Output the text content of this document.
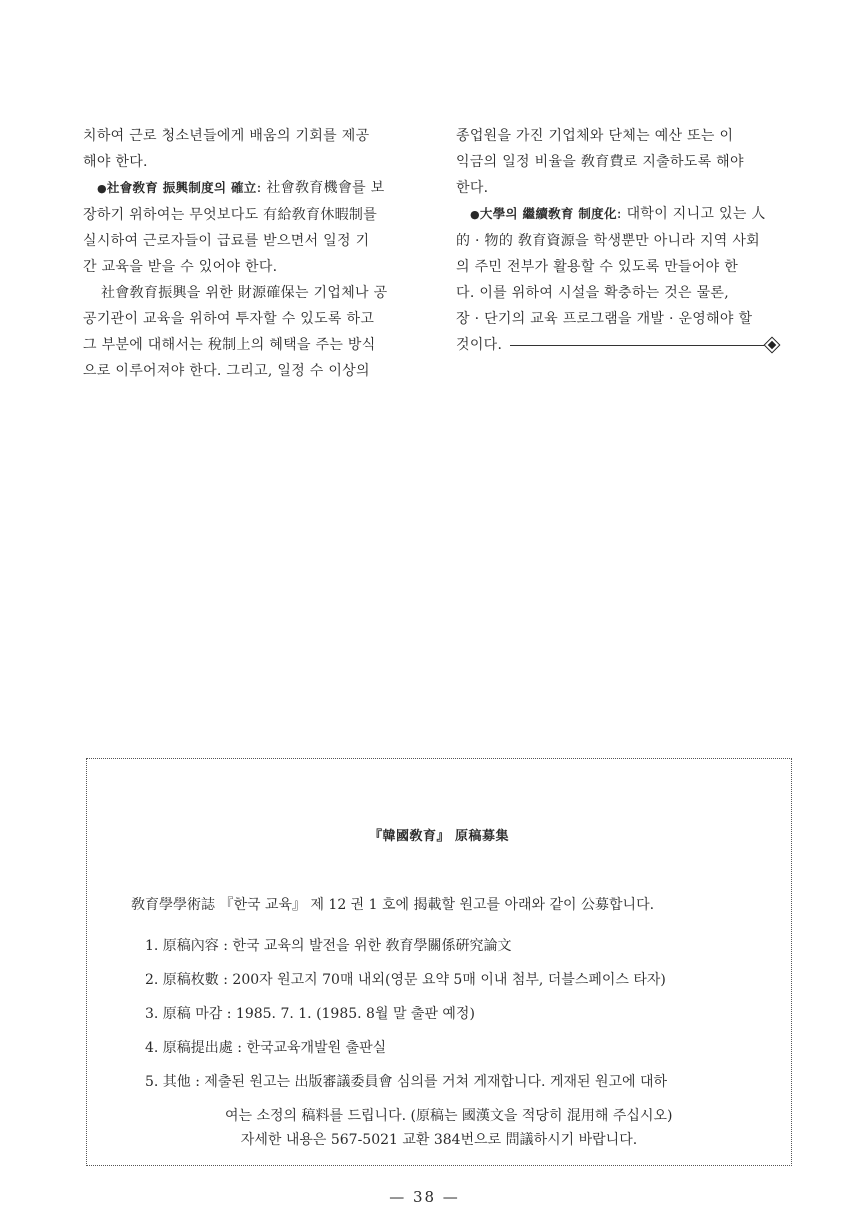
치하여 근로 청소년들에게 배움의 기회를 제공
해야 한다.
●社會敎育 振興制度의 確立: 社會敎育機會를 보
장하기 위하여는 무엇보다도 有給敎育休暇制를
실시하여 근로자들이 급료를 받으면서 일정 기
간 교육을 받을 수 있어야 한다.
社會敎育振興을 위한 財源確保는 기업체나 공
공기관이 교육을 위하여 투자할 수 있도록 하고
그 부분에 대해서는 稅制上의 혜택을 주는 방식
으로 이루어져야 한다. 그리고, 일정 수 이상의
종업원을 가진 기업체와 단체는 예산 또는 이
익금의 일정 비율을 敎育費로 지출하도록 해야
한다.
●大學의 繼續敎育 制度化: 대학이 지니고 있는 人
的 · 物的 敎育資源을 학생뿐만 아니라 지역 사회
의 주민 전부가 활용할 수 있도록 만들어야 한
다. 이를 위하여 시설을 확충하는 것은 물론,
장 · 단기의 교육 프로그램을 개발 · 운영해야 할
것이다.
『韓國敎育』 原稿募集
敎育學學術誌 『한국 교육』 제 12 권 1 호에 揭載할 원고를 아래와 같이 公募합니다.
1. 原稿內容 : 한국 교육의 발전을 위한 敎育學關係硏究論文
2. 原稿枚數 : 200자 원고지 70매 내외(영문 요약 5매 이내 첨부, 더블스페이스 타자)
3. 原稿 마감 : 1985. 7. 1. (1985. 8월 말 출판 예정)
4. 原稿提出處 : 한국교육개발원 출판실
5. 其他 : 제출된 원고는 出版審議委員會 심의를 거쳐 게재합니다. 게재된 원고에 대하
여는 소정의 稿料를 드립니다. (原稿는 國漢文을 적당히 混用해 주십시오)
자세한 내용은 567-5021 교환 384번으로 問議하시기 바랍니다.
— 38 —
